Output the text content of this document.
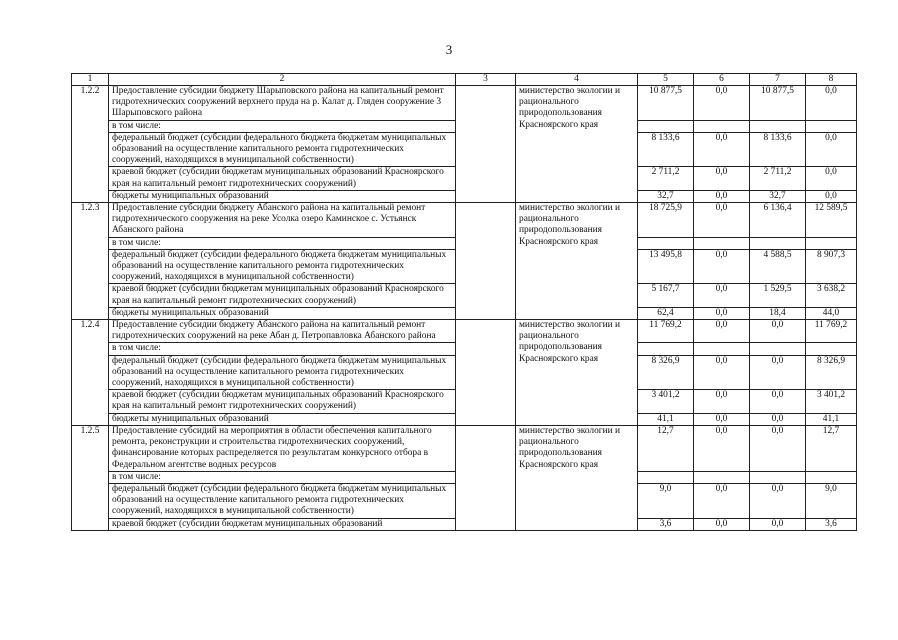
3
1	2	3	4	5	6	7	8
1.2.2	Предоставление субсидии бюджету Шарыповского района на капитальный ремонт гидротехнических сооружений верхнего пруда на р. Калат д. Гляден сооружение 3 Шарыповского района		министерство экологии и рационального природопользования Красноярского края	10 877,5	0,0	10 877,5	0,0
	в том числе:						
	федеральный бюджет (субсидии федерального бюджета бюджетам муниципальных образований на осуществление капитального ремонта гидротехнических сооружений, находящихся в муниципальной собственности)			8 133,6	0,0	8 133,6	0,0
	краевой бюджет (субсидии бюджетам муниципальных образований Красноярского края на капитальный ремонт гидротехнических сооружений)			2 711,2	0,0	2 711,2	0,0
	бюджеты муниципальных образований			32,7	0,0	32,7	0,0
1.2.3	Предоставление субсидии бюджету Абанского района на капитальный ремонт гидротехнического сооружения на реке Усолка озеро Каминское с. Устьянск Абанского района		министерство экологии и рационального природопользования Красноярского края	18 725,9	0,0	6 136,4	12 589,5
	в том числе:						
	федеральный бюджет (субсидии федерального бюджета бюджетам муниципальных образований на осуществление капитального ремонта гидротехнических сооружений, находящихся в муниципальной собственности)			13 495,8	0,0	4 588,5	8 907,3
	краевой бюджет (субсидии бюджетам муниципальных образований Красноярского края на капитальный ремонт гидротехнических сооружений)			5 167,7	0,0	1 529,5	3 638,2
	бюджеты муниципальных образований			62,4	0,0	18,4	44,0
1.2.4	Предоставление субсидии бюджету Абанского района на капитальный ремонт гидротехнических сооружений на реке Абан д. Петропавловка Абанского района		министерство экологии и рационального природопользования Красноярского края	11 769,2	0,0	0,0	11 769,2
	в том числе:						
	федеральный бюджет (субсидии федерального бюджета бюджетам муниципальных образований на осуществление капитального ремонта гидротехнических сооружений, находящихся в муниципальной собственности)			8 326,9	0,0	0,0	8 326,9
	краевой бюджет (субсидии бюджетам муниципальных образований Красноярского края на капитальный ремонт гидротехнических сооружений)			3 401,2	0,0	0,0	3 401,2
	бюджеты муниципальных образований			41,1	0,0	0,0	41,1
1.2.5	Предоставление субсидий на мероприятия в области обеспечения капитального ремонта, реконструкции и строительства гидротехнических сооружений, финансирование которых распределяется по результатам конкурсного отбора в Федеральном агентстве водных ресурсов		министерство экологии и рационального природопользования Красноярского края	12,7	0,0	0,0	12,7
	в том числе:						
	федеральный бюджет (субсидии федерального бюджета бюджетам муниципальных образований на осуществление капитального ремонта гидротехнических сооружений, находящихся в муниципальной собственности)			9,0	0,0	0,0	9,0
	краевой бюджет (субсидии бюджетам муниципальных образований			3,6	0,0	0,0	3,6
